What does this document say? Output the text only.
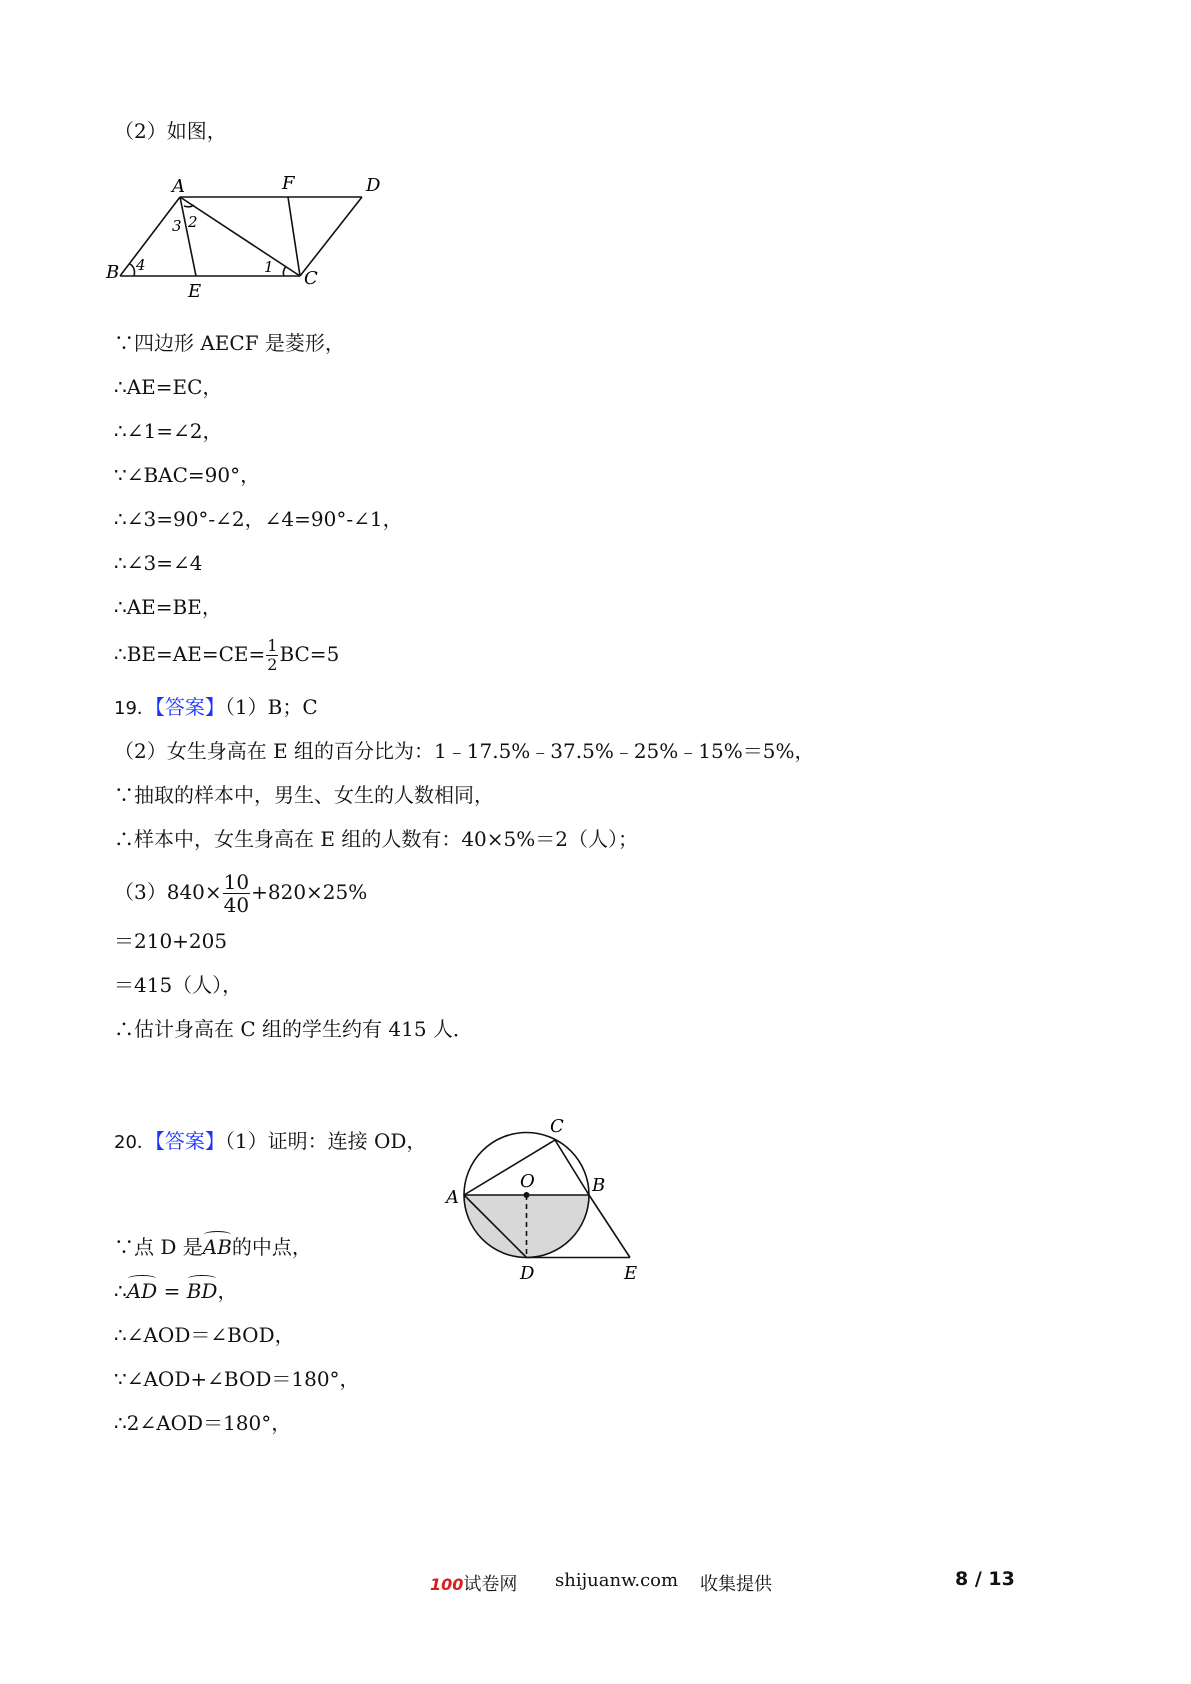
（2）如图，
A	F	D
B
E
C
1
2
3
4
∵四边形 AECF 是菱形，
∴AE=EC，
∴∠1=∠2，
∵∠BAC=90°，
∴∠3=90°-∠2，∠4=90°-∠1，
∴∠3=∠4
∴AE=BE，
∴BE=AE=CE= $\frac{1}{2} BC=5$
19．【答案】（1）B；C
（2）女生身高在 E 组的百分比为：1﹣17.5%﹣37.5%﹣25%﹣15%＝5%，
∵抽取的样本中，男生、女生的人数相同，
∴样本中，女生身高在 E 组的人数有：40×5%＝2（人）；
$(3)840\times \frac{10}{40} +820\times 25\%$
＝210+205
＝415（人），
∴估计身高在 C 组的学生约有 415 人．
20．【答案】（1）证明：连接 OD，
C
O
A
B
D	E
∵点 D 是AB的中点，
∴AD = BD，
∴∠AOD＝∠BOD，
∵∠AOD+∠BOD＝180°，
∴2∠AOD＝180°，
100试卷网 shijuanw.com 收集提供	8 / 13
